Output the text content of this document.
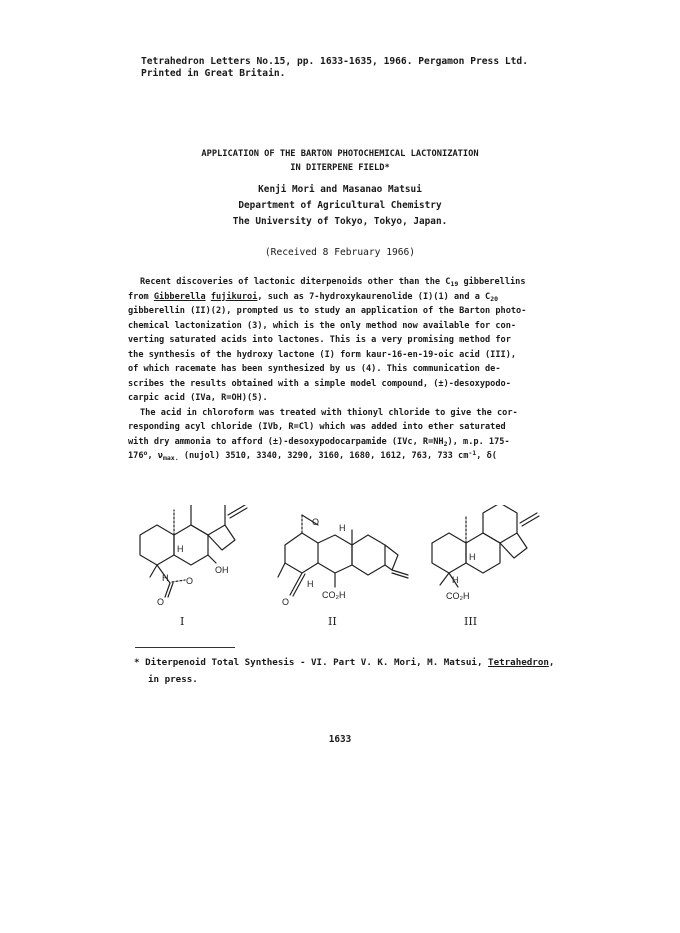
Tetrahedron Letters No.15, pp. 1633-1635, 1966. Pergamon Press Ltd.
Printed in Great Britain.
APPLICATION OF THE BARTON PHOTOCHEMICAL LACTONIZATION
IN DITERPENE FIELD*
Kenji Mori and Masanao Matsui
Department of Agricultural Chemistry
The University of Tokyo, Tokyo, Japan.
(Received 8 February 1966)
Recent discoveries of lactonic diterpenoids other than the $C_{19}$ gibberellins
from Gibberella fujikuroi, such as 7-hydroxykaurenolide (I)(1) and a $C_{20}$
gibberellin (II)(2), prompted us to study an application of the Barton photo-
chemical lactonization (3), which is the only method now available for con-
verting saturated acids into lactones. This is a very promising method for
the synthesis of the hydroxy lactone (I) form kaur-16-en-19-oic acid (III),
of which racemate has been synthesized by us (4). This communication de-
scribes the results obtained with a simple model compound, (±)-desoxypodo-
carpic acid (IVa, R=OH)(5).
The acid in chloroform was treated with thionyl chloride to give the cor-
responding acyl chloride (IVb, R=Cl) which was added into ether saturated
with dry ammonia to afford (±)-desoxypodocarpamide (IVc, $R=NH_2$), m.p. 175-
176$^o$, $\nu_{max.}$ (nujol) 3510, 3340, 3290, 3160, 1680, 1612, 763, 733 $cm^{-1}$, δ(
H
H O
O
OH
H
H
O
O
CO₂H
H
H
CO₂H
I	II	III
* Diterpenoid Total Synthesis - VI. Part V. K. Mori, M. Matsui, Tetrahedron,
in press.
1633
